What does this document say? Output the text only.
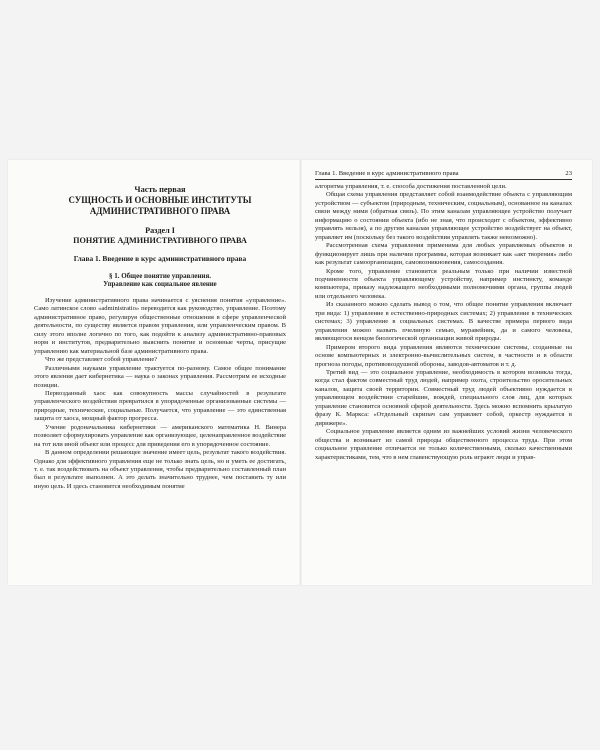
Часть первая
СУЩНОСТЬ И ОСНОВНЫЕ ИНСТИТУТЫ АДМИНИСТРАТИВНОГО ПРАВА
Раздел I
ПОНЯТИЕ АДМИНИСТРАТИВНОГО ПРАВА
Глава 1. Введение в курс административного права
§ 1. Общее понятие управления.
Управление как социальное явление

Изучение административного права начинается с уяснения понятия «управление». Само латинское слово «administratio» переводится как руководство, управление. Поэтому административное право, регулируя общественные отношения в сфере управленческой деятельности, по существу является правом управления, или управленческим правом. В силу этого вполне логично по того, как подойти к анализу административно-правовых норм и институтов, предварительно выяснить понятие и основные черты, присущие управлению как материальной базе административного права.

Что же представляет собой управление?

Различными науками управление трактуется по-разному. Самое общее понимание этого явления дает кибернетика — наука о законах управления. Рассмотрим ее исходные позиции.

Первозданный хаос как совокупность массы случайностей в результате управленческого воздействия превратился в упорядоченные организованные системы — природные, технические, социальные. Получается, что управление — это единственная защита от хаоса, мощный фактор прогресса.

Учение родоначальника кибернетики — американского математика Н. Винера позволяет сформулировать управление как организующее, целенаправленное воздействие на тот или иной объект или процесс для приведения его в упорядоченное состояние.

В данном определении решающее значение имеет цель, результат такого воздействия. Однако для эффективного управления еще не только знать цель, но и уметь ее достигать, т. е. так воздействовать на объект управления, чтобы предварительно составленный план был в результате выполнен. А это делать значительно труднее, чем поставить ту или иную цель. И здесь становится необходимым понятие

Глава 1. Введение в курс административного права	23

алгоритма управления, т. е. способа достижения поставленной цели.

Общая схема управления представляет собой взаимодействие объекта с управляющим устройством — субъектом (природным, техническим, социальным), основанное на каналах связи между ними (обратная связь). По этим каналам управляющее устройство получает информацию о состоянии объекта (ибо не зная, что происходит с объектом, эффективно управлять нельзя), а по другим каналам управляющее устройство воздействует на объект, управляет им (поскольку без такого воздействия управлять также невозможно).

Рассмотренная схема управления применима для любых управляемых объектов и функционирует лишь при наличии программы, которая возникает как «акт творения» либо как результат самоорганизации, самовозникновения, самосоздания.

Кроме того, управление становится реальным только при наличии известной подчиненности объекта управляющему устройству, например инстинкту, команде компьютера, приказу надлежащего необходимыми полномочиями органа, группы людей или отдельного человека.

Из сказанного можно сделать вывод о том, что общее понятие управления включает три вида: 1) управление в естественно-природных системах; 2) управление в технических системах; 3) управление в социальных системах. В качестве примера первого вида управления можно назвать пчелиную семью, муравейник, да и самого человека, являющегося венцом биологической организации живой природы.

Примером второго вида управления являются технические системы, созданные на основе компьютерных и электронно-вычислительных систем, в частности и в области прогноза погоды, противовоздушной обороны, заводов-автоматов и т. д.

Третий вид — это социальное управление, необходимость в котором возникла тогда, когда стал фактом совместный труд людей, например охота, строительство оросительных каналов, защита своей территории. Совместный труд людей объективно нуждается в управляющем воздействии старейшин, вождей, специального слоя лиц, для которых управление становится основной сферой деятельности. Здесь можно вспомнить крылатую фразу К. Маркса: «Отдельный скрипач сам управляет собой, оркестр нуждается в дирижере».

Социальное управление является одним из важнейших условий жизни человеческого общества и возникает из самой природы общественного процесса труда. При этом социальное управление отличается не только количественными, сколько качественными характеристиками, тем, что в нем главенствующую роль играют люди и управ-
